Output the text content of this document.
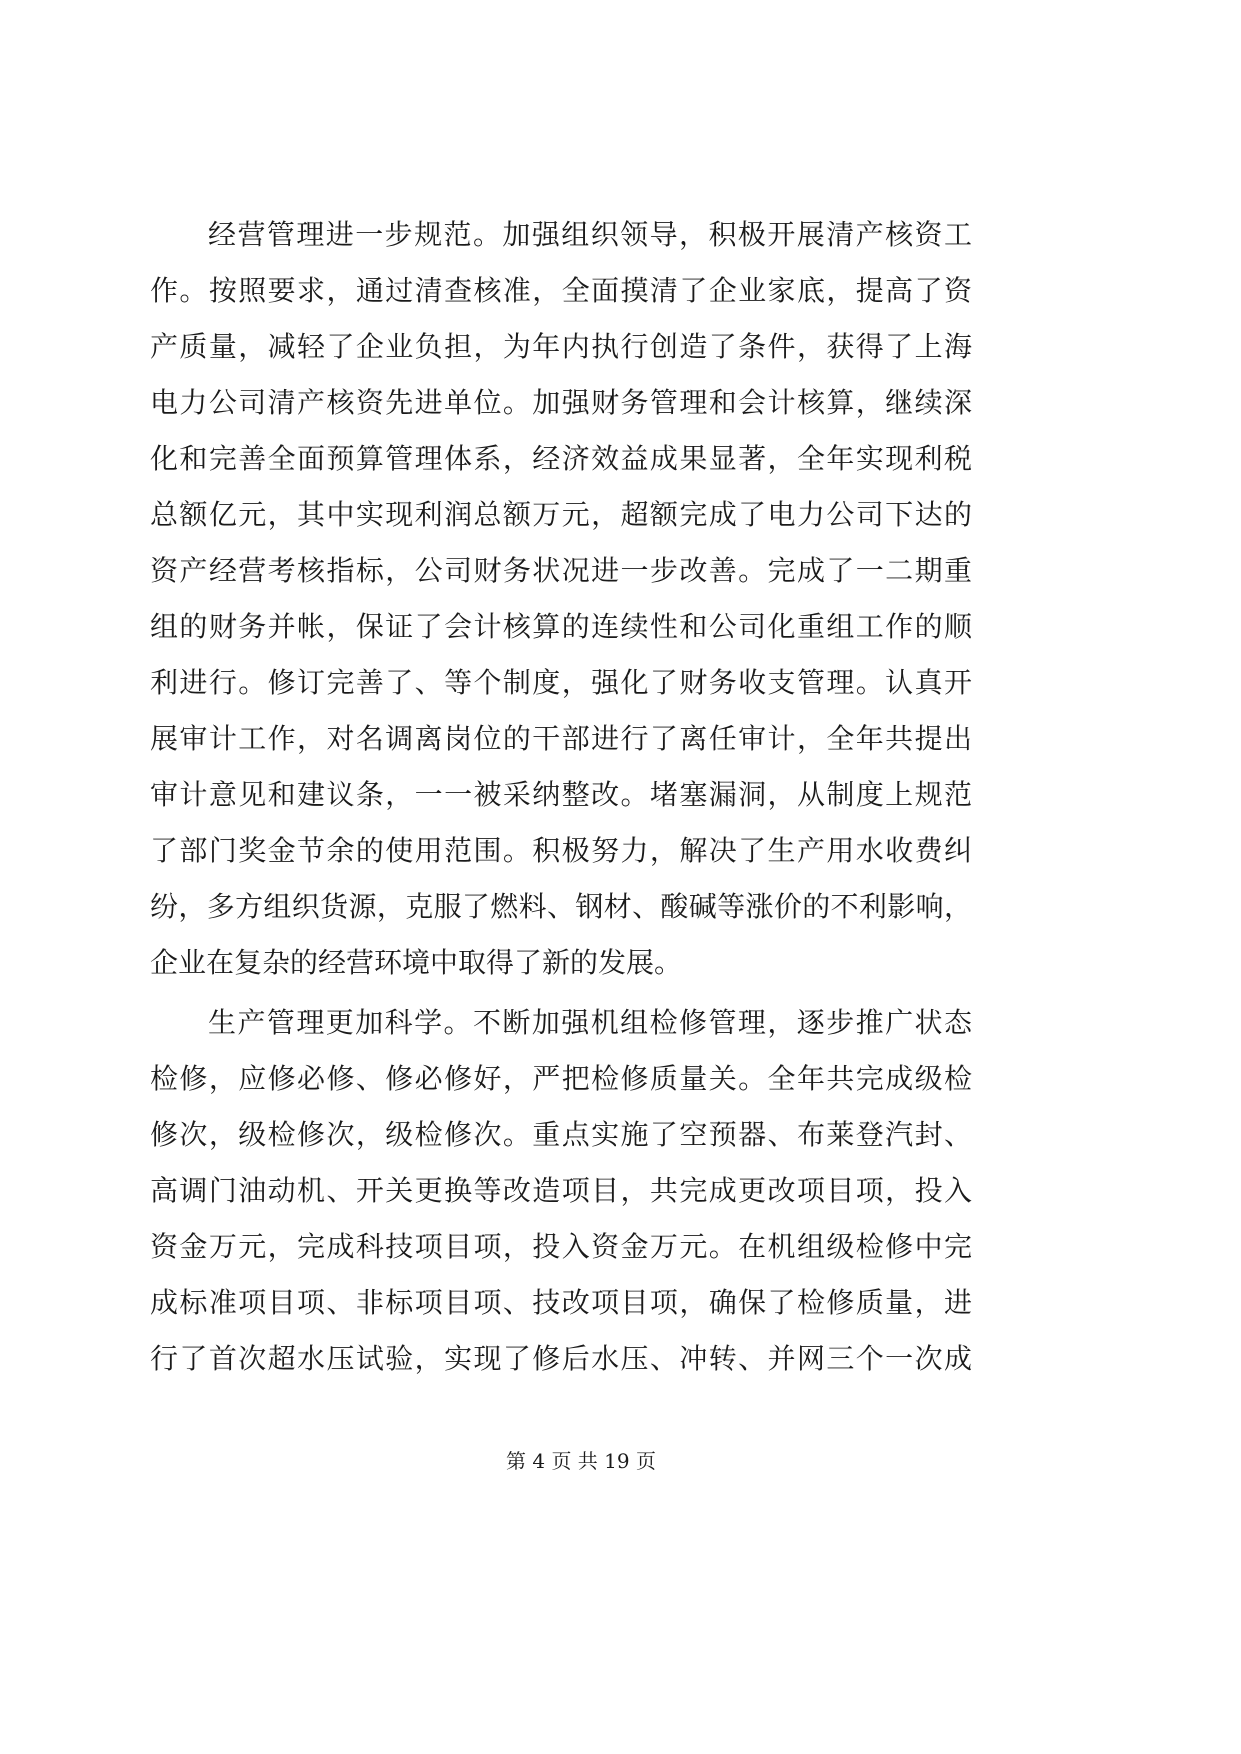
经营管理进一步规范。加强组织领导，积极开展清产核资工
作。按照要求，通过清查核准，全面摸清了企业家底，提高了资
产质量，减轻了企业负担，为年内执行创造了条件，获得了上海
电力公司清产核资先进单位。加强财务管理和会计核算，继续深
化和完善全面预算管理体系，经济效益成果显著，全年实现利税
总额亿元，其中实现利润总额万元，超额完成了电力公司下达的
资产经营考核指标，公司财务状况进一步改善。完成了一二期重
组的财务并帐，保证了会计核算的连续性和公司化重组工作的顺
利进行。修订完善了、等个制度，强化了财务收支管理。认真开
展审计工作，对名调离岗位的干部进行了离任审计，全年共提出
审计意见和建议条，一一被采纳整改。堵塞漏洞，从制度上规范
了部门奖金节余的使用范围。积极努力，解决了生产用水收费纠
纷，多方组织货源，克服了燃料、钢材、酸碱等涨价的不利影响，
企业在复杂的经营环境中取得了新的发展。
生产管理更加科学。不断加强机组检修管理，逐步推广状态
检修，应修必修、修必修好，严把检修质量关。全年共完成级检
修次，级检修次，级检修次。重点实施了空预器、布莱登汽封、
高调门油动机、开关更换等改造项目，共完成更改项目项，投入
资金万元，完成科技项目项，投入资金万元。在机组级检修中完
成标准项目项、非标项目项、技改项目项，确保了检修质量，进
行了首次超水压试验，实现了修后水压、冲转、并网三个一次成
第 4 页 共 19 页
